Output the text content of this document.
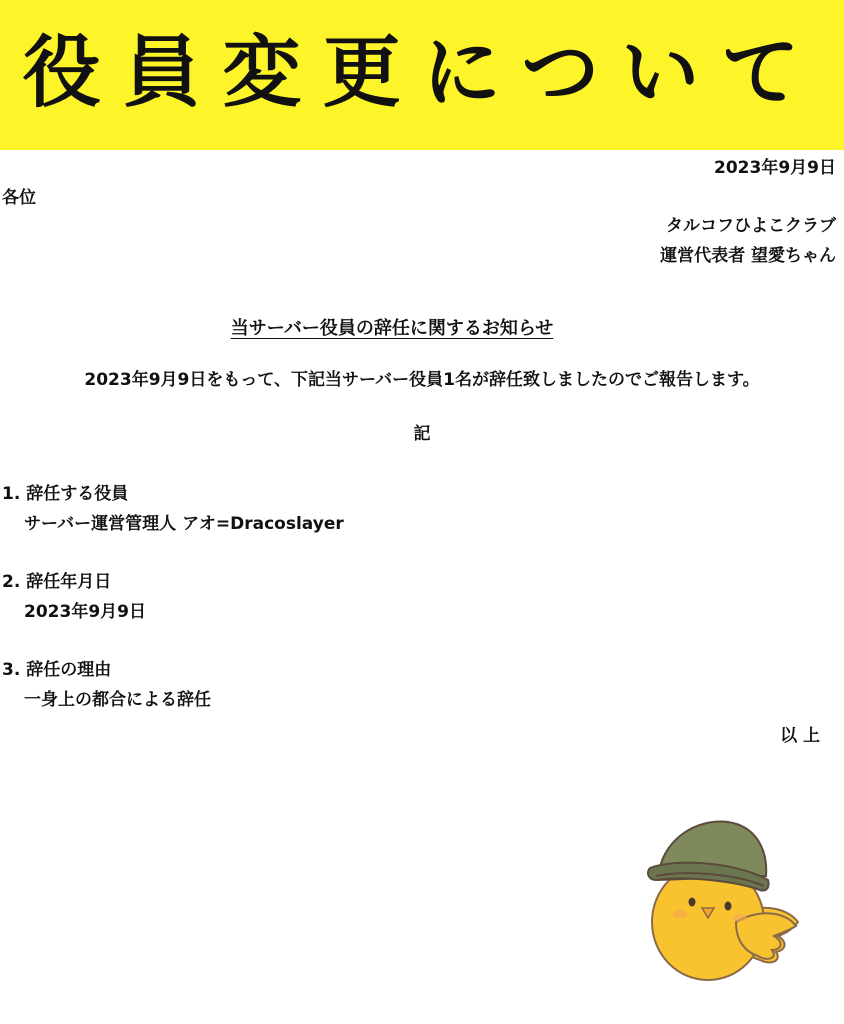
役員変更について
2023年9月9日
各位
タルコフひよこクラブ
運営代表者 望愛ちゃん
当サーバー役員の辞任に関するお知らせ
2023年9月9日をもって、下記当サーバー役員1名が辞任致しましたのでご報告します。
記
1. 辞任する役員
サーバー運営管理人 アオ=Dracoslayer
2. 辞任年月日
2023年9月9日
3. 辞任の理由
一身上の都合による辞任
以 上
